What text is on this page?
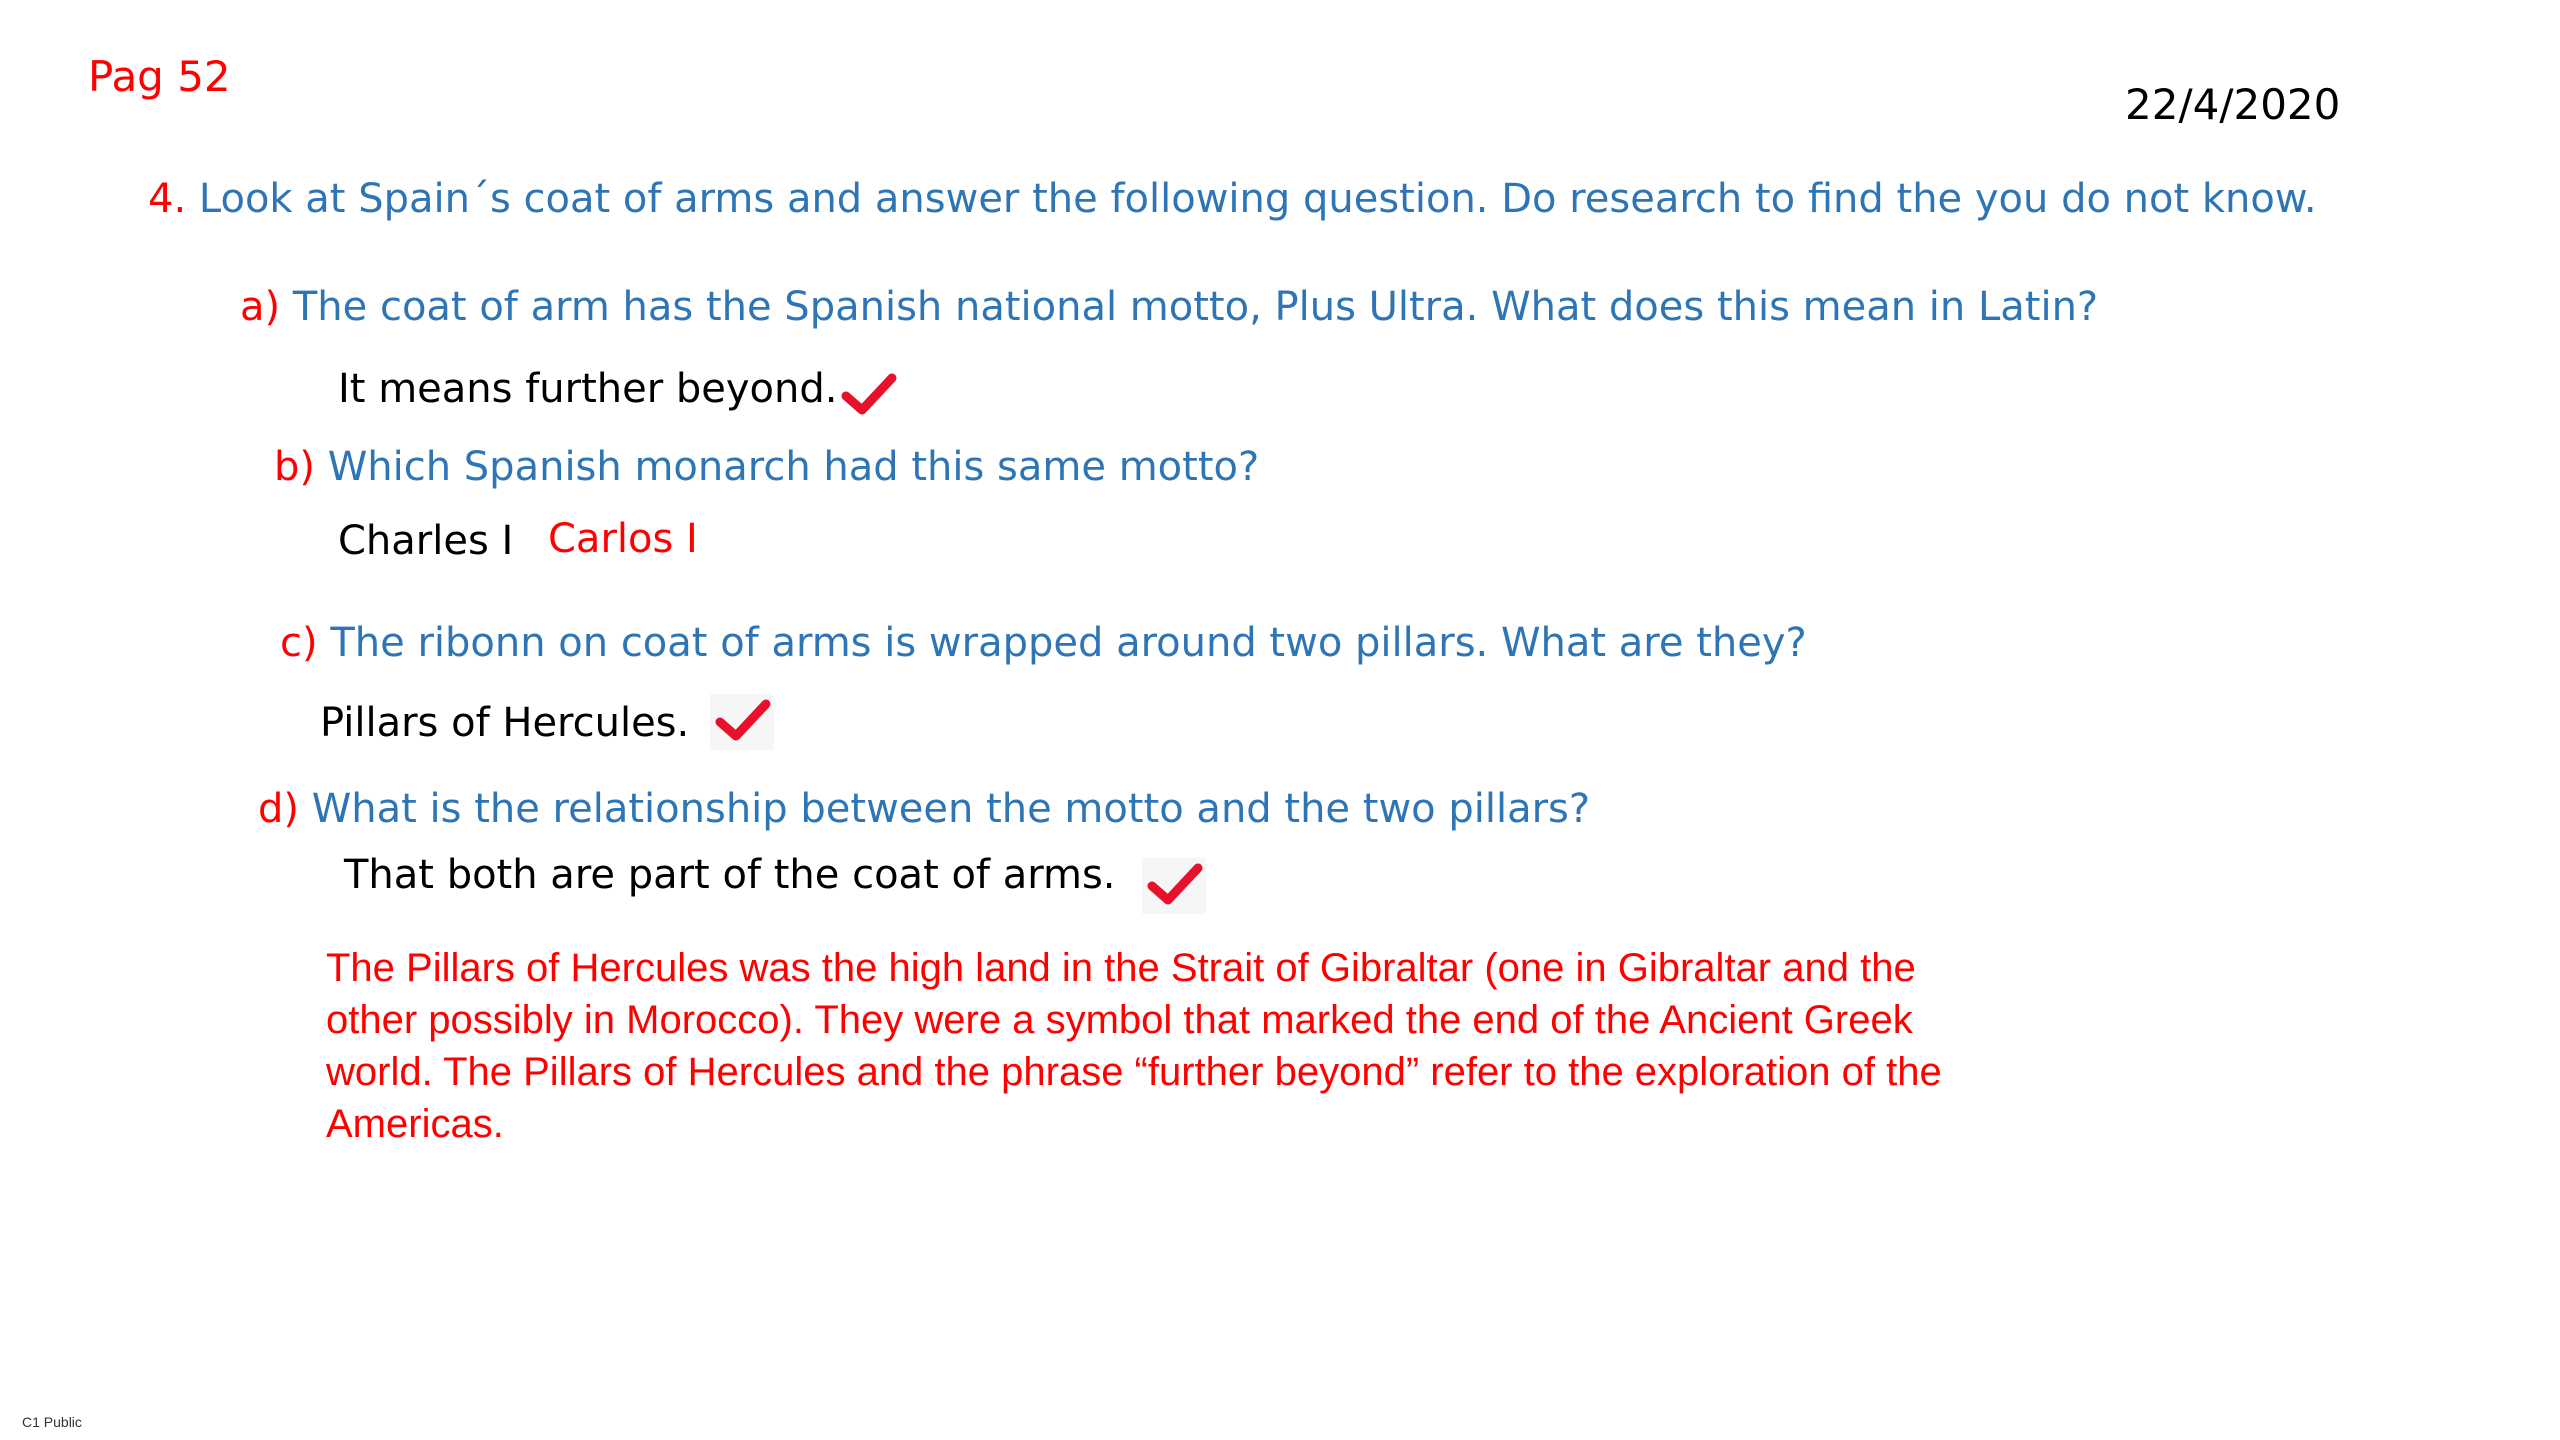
Pag 52
22/4/2020
4. Look at Spain´s coat of arms and answer the following question. Do research to find the you do not know.
a) The coat of arm has the Spanish national motto, Plus Ultra. What does this mean in Latin?
It means further beyond.
b) Which Spanish monarch had this same motto?
Charles I Carlos I
c) The ribonn on coat of arms is wrapped around two pillars. What are they?
Pillars of Hercules.
d) What is the relationship between the motto and the two pillars?
That both are part of the coat of arms.
The Pillars of Hercules was the high land in the Strait of Gibraltar (one in Gibraltar and the other possibly in Morocco). They were a symbol that marked the end of the Ancient Greek world. The Pillars of Hercules and the phrase “further beyond” refer to the exploration of the Americas.
C1 Public
